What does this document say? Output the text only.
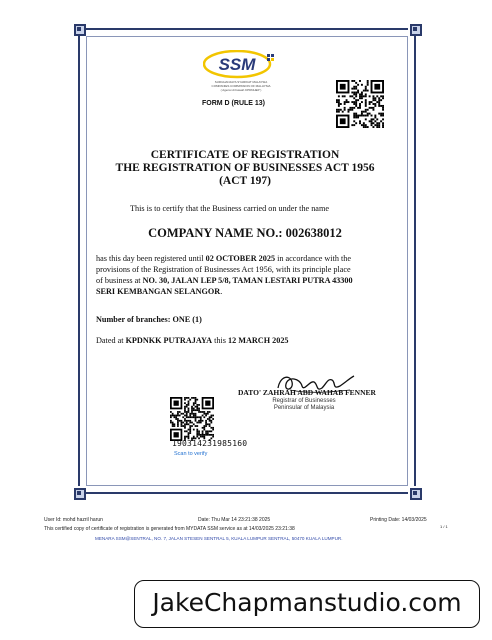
SSM
SURUHANJAYA SYARIKAT MALAYSIA
COMPANIES COMMISSION OF MALAYSIA
( Agensi di bawah KPDNHEP )
FORM D (RULE 13)
CERTIFICATE OF REGISTRATION
THE REGISTRATION OF BUSINESSES ACT 1956
(ACT 197)
This is to certify that the Business carried on under the name
COMPANY NAME NO.: 002638012
has this day been registered until 02 OCTOBER 2025 in accordance with the
provisions of the Registration of Businesses Act 1956, with its principle place
of business at NO. 30, JALAN LEP 5/8, TAMAN LESTARI PUTRA 43300
SERI KEMBANGAN SELANGOR.
Number of branches: ONE (1)
Dated at KPDNKK PUTRAJAYA this 12 MARCH 2025
DATO' ZAHRAH ABD WAHAB FENNER
Registrar of Businesses
Peninsular of Malaysia
190314231985160
Scan to verify
User Id: mohd hazril harun	Date: Thu Mar 14 23:21:38 2025	Printing Date: 14/03/2025
This certified copy of certificate of registration is generated from MYDATA SSM service as at 14/03/2025 23:21:38	1 / 1
MENARA SSM@SENTRAL, NO. 7, JALAN STESEN SENTRAL 5, KUALA LUMPUR SENTRAL, 50470 KUALA LUMPUR.
JakeChapmanstudio.com
